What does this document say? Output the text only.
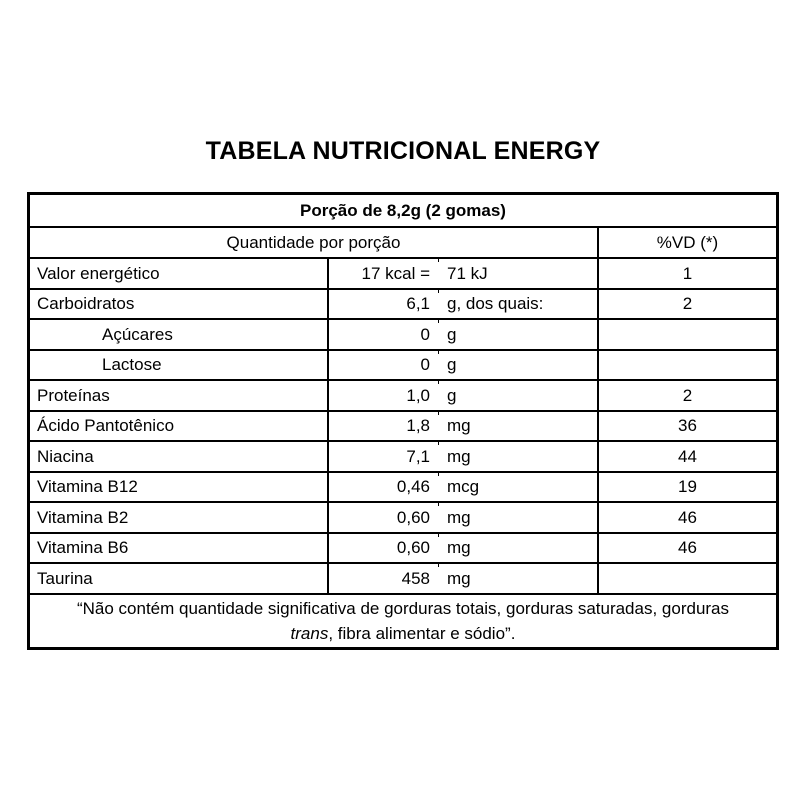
TABELA NUTRICIONAL ENERGY
Porção de 8,2g (2 gomas)
Quantidade por porção	%VD (*)
Valor energético	17 kcal =	71 kJ	1
Carboidratos	6,1	g, dos quais:	2
Açúcares	0	g
Lactose	0	g
Proteínas	1,0	g	2
Ácido Pantotênico	1,8	mg	36
Niacina	7,1	mg	44
Vitamina B12	0,46	mcg	19
Vitamina B2	0,60	mg	46
Vitamina B6	0,60	mg	46
Taurina	458	mg
“Não contém quantidade significativa de gorduras totais, gorduras saturadas, gorduras
trans, fibra alimentar e sódio”.
